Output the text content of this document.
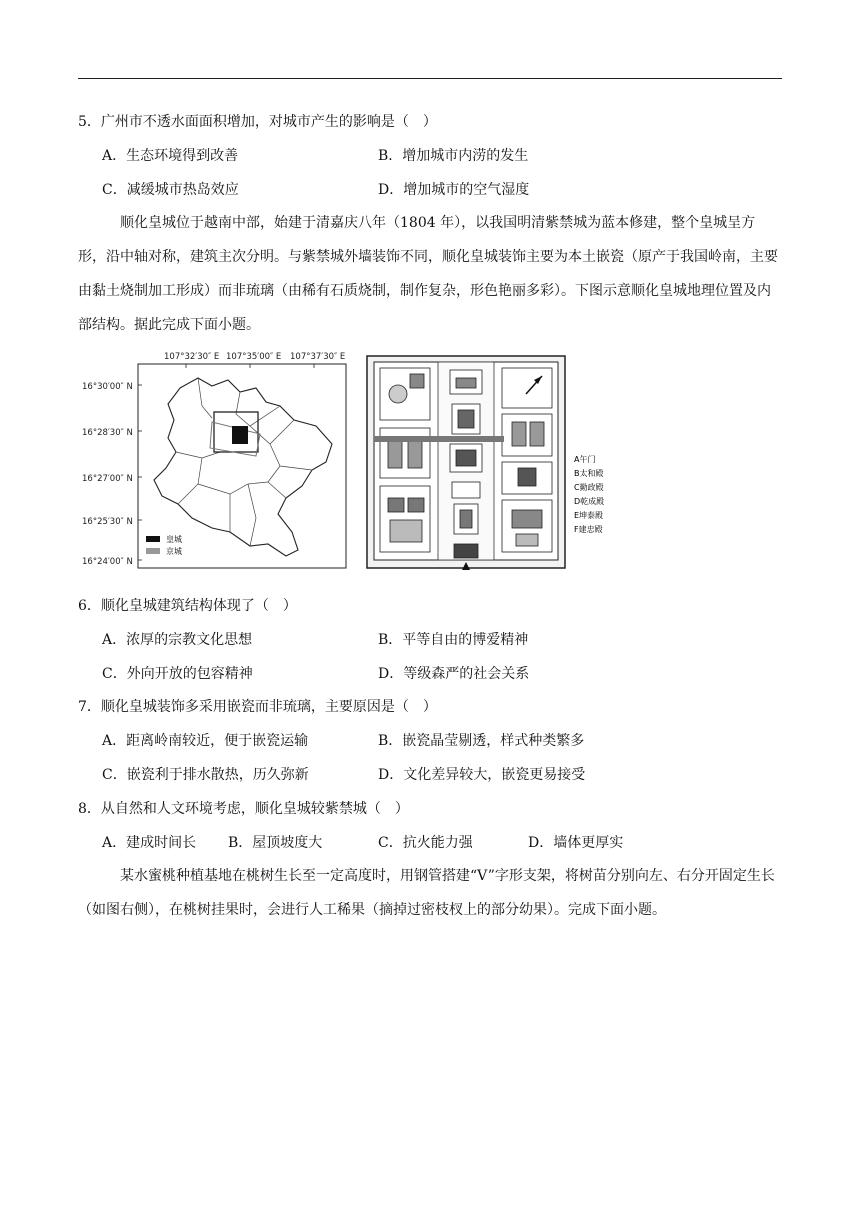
5．广州市不透水面面积增加，对城市产生的影响是（　）
A．生态环境得到改善	B．增加城市内涝的发生
C．减缓城市热岛效应	D．增加城市的空气湿度
顺化皇城位于越南中部，始建于清嘉庆八年（1804 年），以我国明清紫禁城为蓝本修建，整个皇城呈方形，沿中轴对称，建筑主次分明。与紫禁城外墙装饰不同，顺化皇城装饰主要为本土嵌瓷（原产于我国岭南，主要由黏土烧制加工形成）而非琉璃（由稀有石质烧制，制作复杂，形色艳丽多彩）。下图示意顺化皇城地理位置及内部结构。据此完成下面小题。
107°32′30″ E 107°35′00″ E 107°37′30″ E
16°30′00″ N
16°28′30″ N
16°27′00″ N
16°25′30″ N
16°24′00″ N
皇城
京城
A午门
B太和殿
C勤政殿
D乾成殿
E坤泰殿
F建忠殿
6．顺化皇城建筑结构体现了（　）
A．浓厚的宗教文化思想	B．平等自由的博爱精神
C．外向开放的包容精神	D．等级森严的社会关系
7．顺化皇城装饰多采用嵌瓷而非琉璃，主要原因是（　）
A．距离岭南较近，便于嵌瓷运输	B．嵌瓷晶莹剔透，样式种类繁多
C．嵌瓷利于排水散热，历久弥新	D．文化差异较大，嵌瓷更易接受
8．从自然和人文环境考虑，顺化皇城较紫禁城（　）
A．建成时间长 B．屋顶坡度大	C．抗火能力强	D．墙体更厚实
某水蜜桃种植基地在桃树生长至一定高度时，用钢管搭建“V”字形支架，将树苗分别向左、右分开固定生长（如图右侧），在桃树挂果时，会进行人工稀果（摘掉过密枝杈上的部分幼果）。完成下面小题。
